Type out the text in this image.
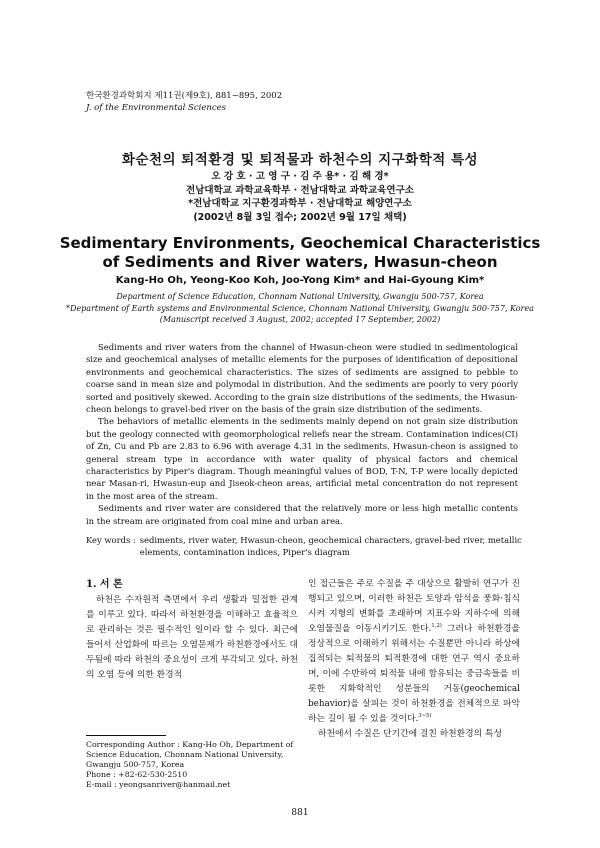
한국환경과학회지 제11권(제9호), 881~895, 2002
J. of the Environmental Sciences
화순천의 퇴적환경 및 퇴적물과 하천수의 지구화학적 특성
오 강 호 · 고 영 구 · 김 주 용* · 김 해 경*
전남대학교 과학교육학부 · 전남대학교 과학교육연구소
*전남대학교 지구환경과학부 · 전남대학교 해양연구소
(2002년 8월 3일 접수; 2002년 9월 17일 채택)
Sedimentary Environments, Geochemical Characteristics
of Sediments and River waters, Hwasun-cheon
Kang-Ho Oh, Yeong-Koo Koh, Joo-Yong Kim* and Hai-Gyoung Kim*
Department of Science Education, Chonnam National University, Gwangju 500-757, Korea
*Department of Earth systems and Environmental Science, Chonnam National University, Gwangju 500-757, Korea
(Manuscript received 3 August, 2002; accepted 17 September, 2002)

Sediments and river waters from the channel of Hwasun-cheon were studied in sedimentological size and geochemical analyses of metallic elements for the purposes of identification of depositional environments and geochemical characteristics. The sizes of sediments are assigned to pebble to coarse sand in mean size and polymodal in distribution. And the sediments are poorly to very poorly sorted and positively skewed. According to the grain size distributions of the sediments, the Hwasun-cheon belongs to gravel-bed river on the basis of the grain size distribution of the sediments.

The behaviors of metallic elements in the sediments mainly depend on not grain size distribution but the geology connected with geomorphological reliefs near the stream. Contamination indices(CI) of Zn, Cu and Pb are 2.83 to 6.96 with average 4.31 in the sediments. Hwasun-cheon is assigned to general stream type in accordance with water quality of physical factors and chemical characteristics by Piper's diagram. Though meaningful values of BOD, T-N, T-P were locally depicted near Masan-ri, Hwasun-eup and Jiseok-cheon areas, artificial metal concentration do not represent in the most area of the stream.

Sediments and river water are considered that the relatively more or less high metallic contents in the stream are originated from coal mine and urban area.

Key words : sediments, river water, Hwasun-cheon, geochemical characters, gravel-bed river, metallic elements, contamination indices, Piper's diagram
1. 서 론

하천은 수자원적 측면에서 우리 생활과 밀접한 관계를 이루고 있다. 따라서 하천환경을 이해하고 효율적으로 관리하는 것은 필수적인 일이라 할 수 있다. 최근에 들어서 산업화에 따르는 오염문제가 하천환경에서도 대두됨에 따라 하천의 중요성이 크게 부각되고 있다. 하천의 오염 등에 의한 환경적

인 접근들은 주로 수질을 주 대상으로 활발히 연구가 진행되고 있으며, 이러한 하천은 토양과 암석을 풍화·침식시켜 지형의 변화를 초래하며 지표수와 지하수에 의해 오염물질을 이동시키기도 한다.$^{1,2)}$ 그러나 하천환경을 정상적으로 이해하기 위해서는 수질뿐만 아니라 하상에 집적되는 퇴적물의 퇴적환경에 대한 연구 역시 중요하며, 이에 수반하여 퇴적물 내에 함유되는 중금속들을 비롯한 지화학적인 성분들의 거동(geochemical behavior)을 살피는 것이 하천환경을 전체적으로 파악하는 길이 될 수 있을 것이다.$^{3\sim 5)}$

하천에서 수질은 단기간에 걸친 하천환경의 특성

Corresponding Author : Kang-Ho Oh, Department of Science Education, Chonnam National University, Gwangju 500-757, Korea
Phone : +82-62-530-2510
E-mail : yeongsanriver@hanmail.net
881
